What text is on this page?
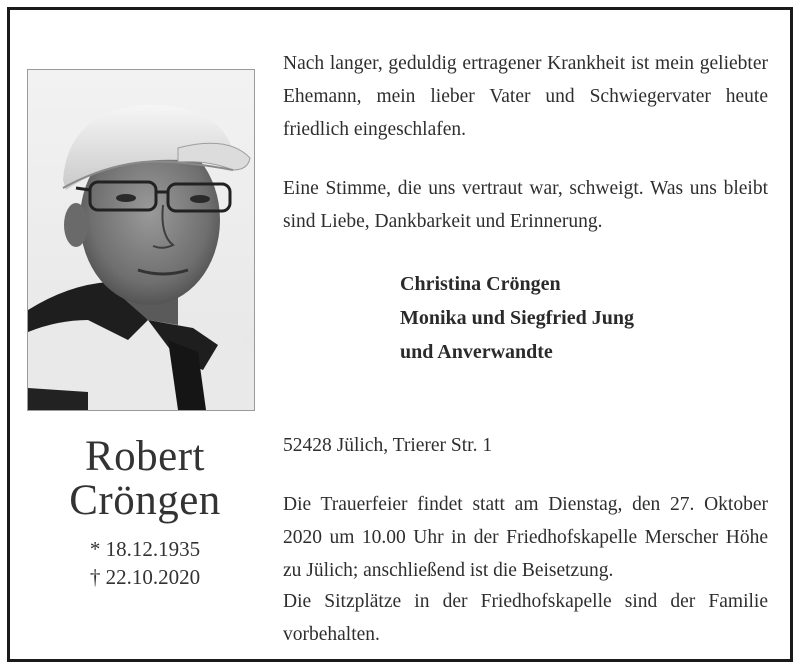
Robert
Cröngen
* 18.12.1935
† 22.10.2020

Nach langer, geduldig ertragener Krankheit ist mein geliebter Ehemann, mein lieber Vater und Schwiegervater heute friedlich eingeschlafen.

Eine Stimme, die uns vertraut war, schweigt. Was uns bleibt sind Liebe, Dankbarkeit und Erinnerung.

Christina Cröngen
Monika und Siegfried Jung
und Anverwandte

52428 Jülich, Trierer Str. 1

Die Trauerfeier findet statt am Dienstag, den 27. Oktober 2020 um 10.00 Uhr in der Friedhofskapelle Merscher Höhe zu Jülich; anschließend ist die Beisetzung.

Die Sitzplätze in der Friedhofskapelle sind der Familie vorbehalten.
